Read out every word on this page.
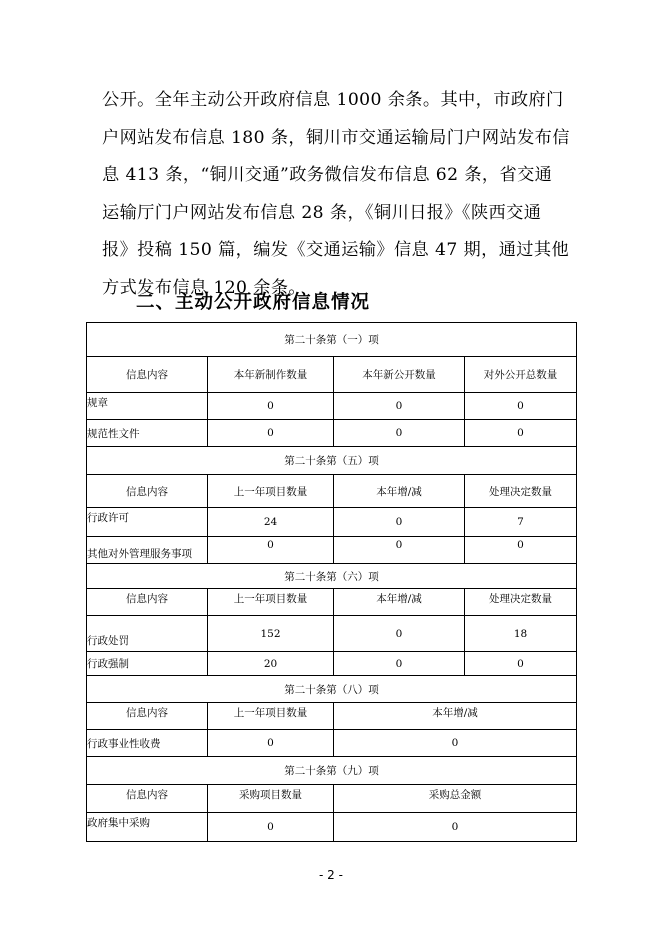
公开。全年主动公开政府信息 1000 余条。其中，市政府门
户网站发布信息 180 条，铜川市交通运输局门户网站发布信
息 413 条，“铜川交通”政务微信发布信息 62 条，省交通
运输厅门户网站发布信息 28 条，《铜川日报》《陕西交通
报》投稿 150 篇，编发《交通运输》信息 47 期，通过其他
方式发布信息 120 余条。
二、主动公开政府信息情况
第二十条第（一）项			
信息内容	本年新制作数量	本年新公开数量	对外公开总数量
规章	0	0	0
规范性文件	0	0	0
第二十条第（五）项			
信息内容	上一年项目数量	本年增/减	处理决定数量
行政许可	24	0	7
其他对外管理服务事项	0	0	0
第二十条第（六）项			
信息内容	上一年项目数量	本年增/减	处理决定数量
行政处罚	152	0	18
行政强制	20	0	0
第二十条第（八）项			
信息内容	上一年项目数量	本年增/减	
行政事业性收费	0	0	
第二十条第（九）项			
信息内容	采购项目数量	采购总金额	
政府集中采购	0	0	
- 2 -
